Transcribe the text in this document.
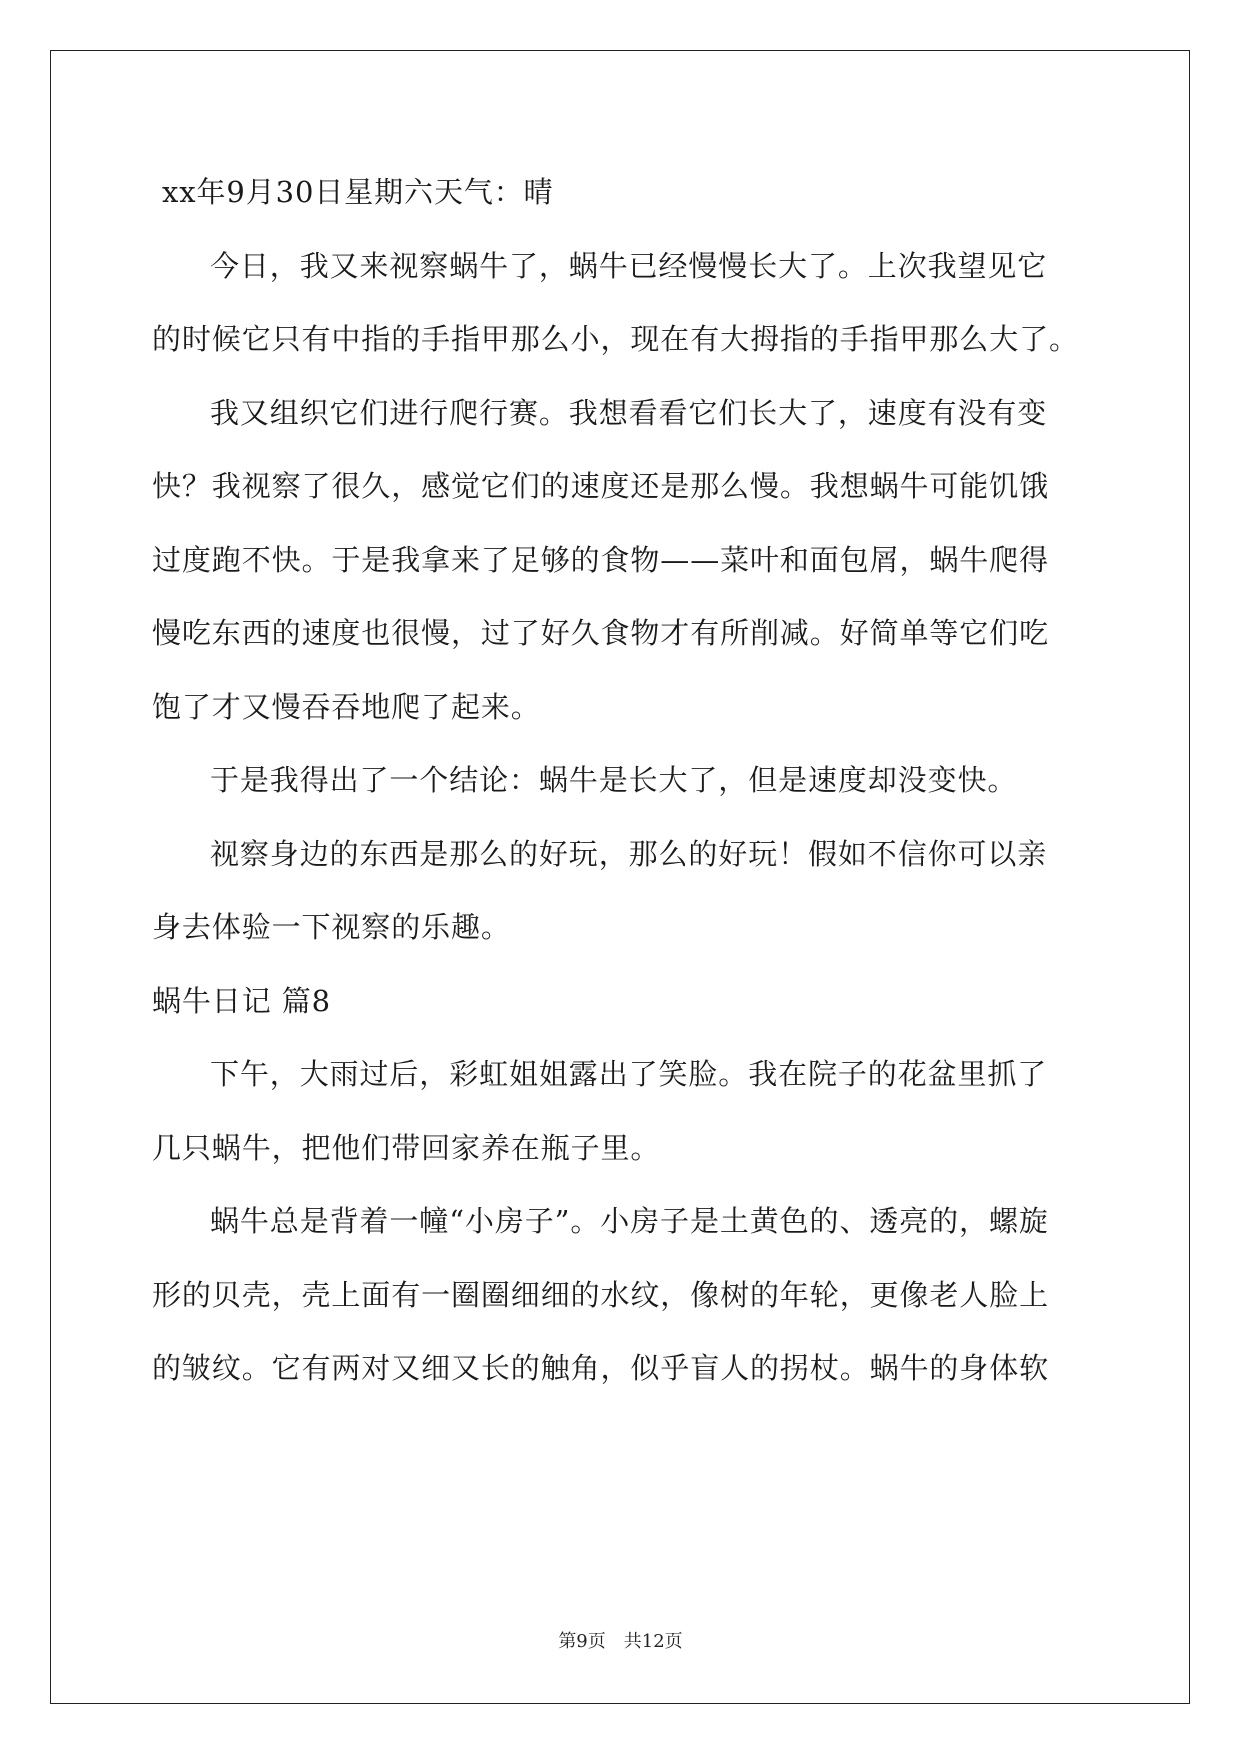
xx年9月30日星期六天气：晴
今日，我又来视察蜗牛了，蜗牛已经慢慢长大了。上次我望见它
的时候它只有中指的手指甲那么小，现在有大拇指的手指甲那么大了。
我又组织它们进行爬行赛。我想看看它们长大了，速度有没有变
快？我视察了很久，感觉它们的速度还是那么慢。我想蜗牛可能饥饿
过度跑不快。于是我拿来了足够的食物——菜叶和面包屑，蜗牛爬得
慢吃东西的速度也很慢，过了好久食物才有所削减。好简单等它们吃
饱了才又慢吞吞地爬了起来。
于是我得出了一个结论：蜗牛是长大了，但是速度却没变快。
视察身边的东西是那么的好玩，那么的好玩！假如不信你可以亲
身去体验一下视察的乐趣。
蜗牛日记 篇8
下午，大雨过后，彩虹姐姐露出了笑脸。我在院子的花盆里抓了
几只蜗牛，把他们带回家养在瓶子里。
蜗牛总是背着一幢“小房子”。小房子是土黄色的、透亮的，螺旋
形的贝壳，壳上面有一圈圈细细的水纹，像树的年轮，更像老人脸上
的皱纹。它有两对又细又长的触角，似乎盲人的拐杖。蜗牛的身体软
第9页　共12页
